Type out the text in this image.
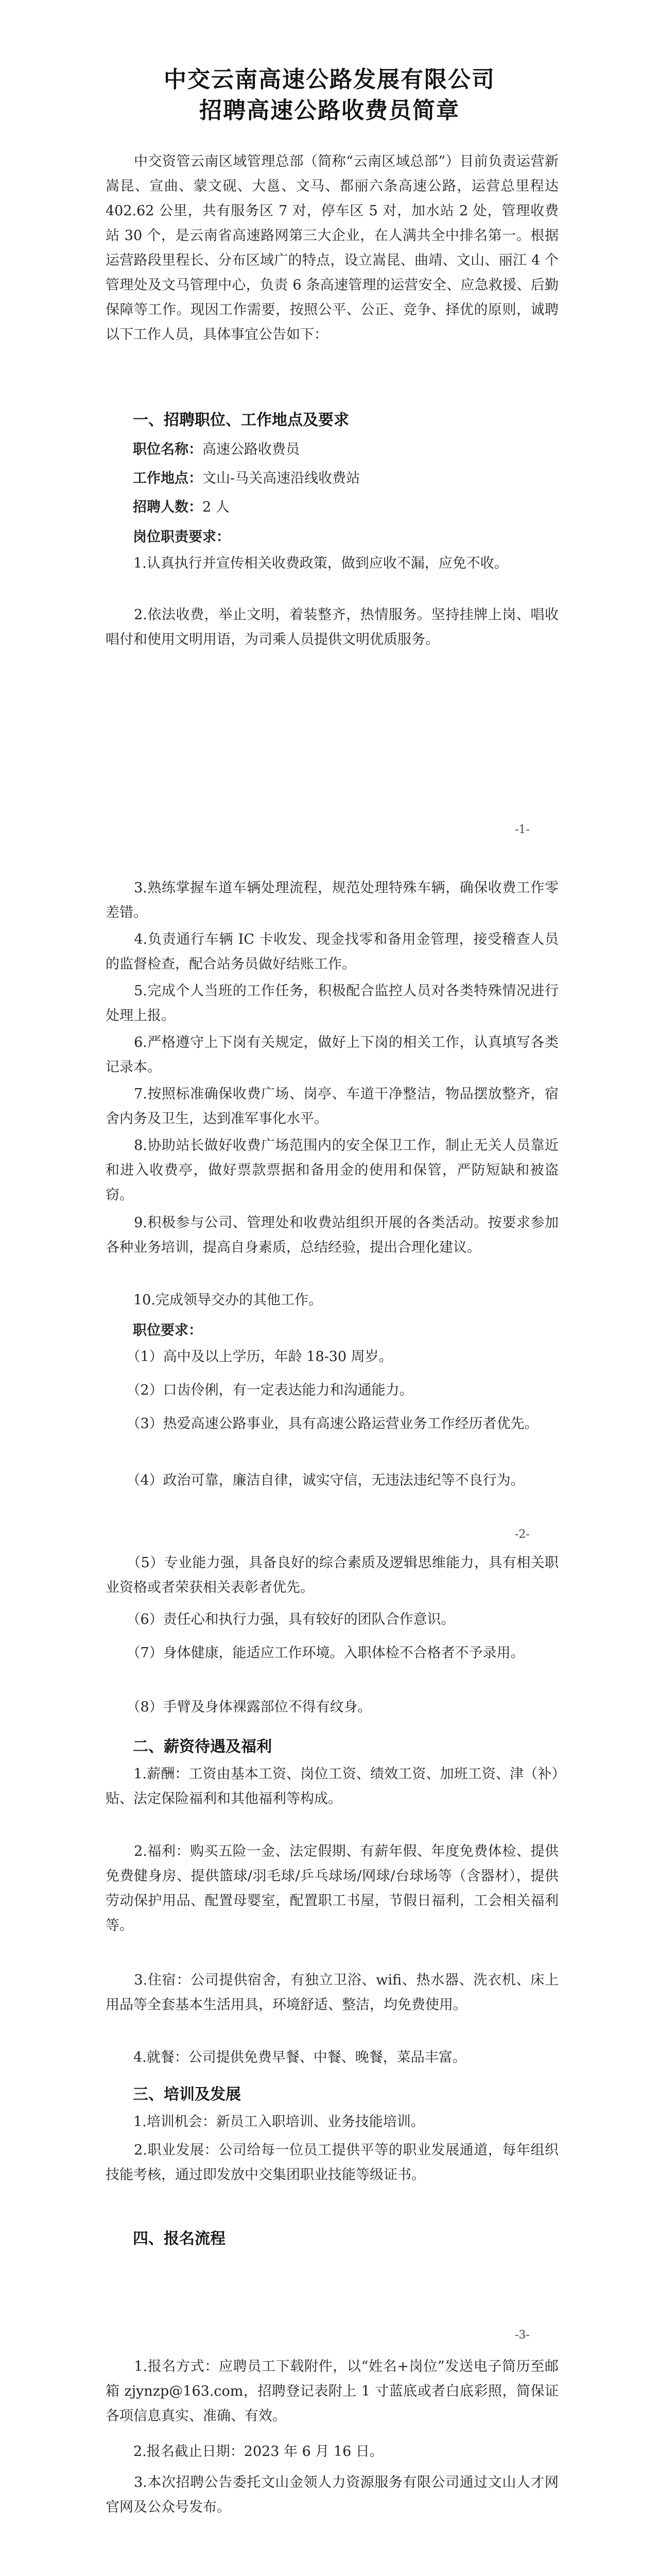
中交云南高速公路发展有限公司
招聘高速公路收费员简章
　　中交资管云南区域管理总部（简称“云南区域总部”）目前负责运营新嵩昆、宣曲、蒙文砚、大邕、文马、都丽六条高速公路，运营总里程达 402.62 公里，共有服务区 7 对，停车区 5 对，加水站 2 处，管理收费站 30 个，是云南省高速路网第三大企业，在人满共全中排名第一。根据运营路段里程长、分布区域广的特点，设立嵩昆、曲靖、文山、丽江 4 个管理处及文马管理中心，负责 6 条高速管理的运营安全、应急救援、后勤保障等工作。现因工作需要，按照公平、公正、竞争、择优的原则，诚聘以下工作人员，具体事宜公告如下：
一、招聘职位、工作地点及要求
职位名称：高速公路收费员
工作地点：文山-马关高速沿线收费站
招聘人数：2 人
岗位职责要求：
　　1.认真执行并宣传相关收费政策，做到应收不漏，应免不收。
　　2.依法收费，举止文明，着装整齐，热情服务。坚持挂牌上岗、唱收唱付和使用文明用语，为司乘人员提供文明优质服务。
-1-
　　3.熟练掌握车道车辆处理流程，规范处理特殊车辆，确保收费工作零差错。
　　4.负责通行车辆 IC 卡收发、现金找零和备用金管理，接受稽查人员的监督检查，配合站务员做好结账工作。
　　5.完成个人当班的工作任务，积极配合监控人员对各类特殊情况进行处理上报。
　　6.严格遵守上下岗有关规定，做好上下岗的相关工作，认真填写各类记录本。
　　7.按照标准确保收费广场、岗亭、车道干净整洁，物品摆放整齐，宿舍内务及卫生，达到准军事化水平。
　　8.协助站长做好收费广场范围内的安全保卫工作，制止无关人员靠近和进入收费亭，做好票款票据和备用金的使用和保管，严防短缺和被盗窃。
　　9.积极参与公司、管理处和收费站组织开展的各类活动。按要求参加各种业务培训，提高自身素质，总结经验，提出合理化建议。
　　10.完成领导交办的其他工作。
职位要求：
　　（1）高中及以上学历，年龄 18-30 周岁。
　　（2）口齿伶俐，有一定表达能力和沟通能力。
　　（3）热爱高速公路事业，具有高速公路运营业务工作经历者优先。
　　（4）政治可靠，廉洁自律，诚实守信，无违法违纪等不良行为。
-2-
　　（5）专业能力强，具备良好的综合素质及逻辑思维能力，具有相关职业资格或者荣获相关表彰者优先。
　　（6）责任心和执行力强，具有较好的团队合作意识。
　　（7）身体健康，能适应工作环境。入职体检不合格者不予录用。
　　（8）手臂及身体裸露部位不得有纹身。
二、薪资待遇及福利
　　1.薪酬：工资由基本工资、岗位工资、绩效工资、加班工资、津（补）贴、法定保险福利和其他福利等构成。
　　2.福利：购买五险一金、法定假期、有薪年假、年度免费体检、提供免费健身房、提供篮球/羽毛球/乒乓球场/网球/台球场等（含器材），提供劳动保护用品、配置母婴室，配置职工书屋，节假日福利，工会相关福利等。
　　3.住宿：公司提供宿舍，有独立卫浴、wifi、热水器、洗衣机、床上用品等全套基本生活用具，环境舒适、整洁，均免费使用。
　　4.就餐：公司提供免费早餐、中餐、晚餐，菜品丰富。
三、培训及发展
　　1.培训机会：新员工入职培训、业务技能培训。
　　2.职业发展：公司给每一位员工提供平等的职业发展通道，每年组织技能考核，通过即发放中交集团职业技能等级证书。
四、报名流程
-3-
　　1.报名方式：应聘员工下载附件，以“姓名+岗位”发送电子简历至邮箱 zjynzp@163.com，招聘登记表附上 1 寸蓝底或者白底彩照，简保证各项信息真实、准确、有效。
　　2.报名截止日期：2023 年 6 月 16 日。
　　3.本次招聘公告委托文山金领人力资源服务有限公司通过文山人才网官网及公众号发布。
